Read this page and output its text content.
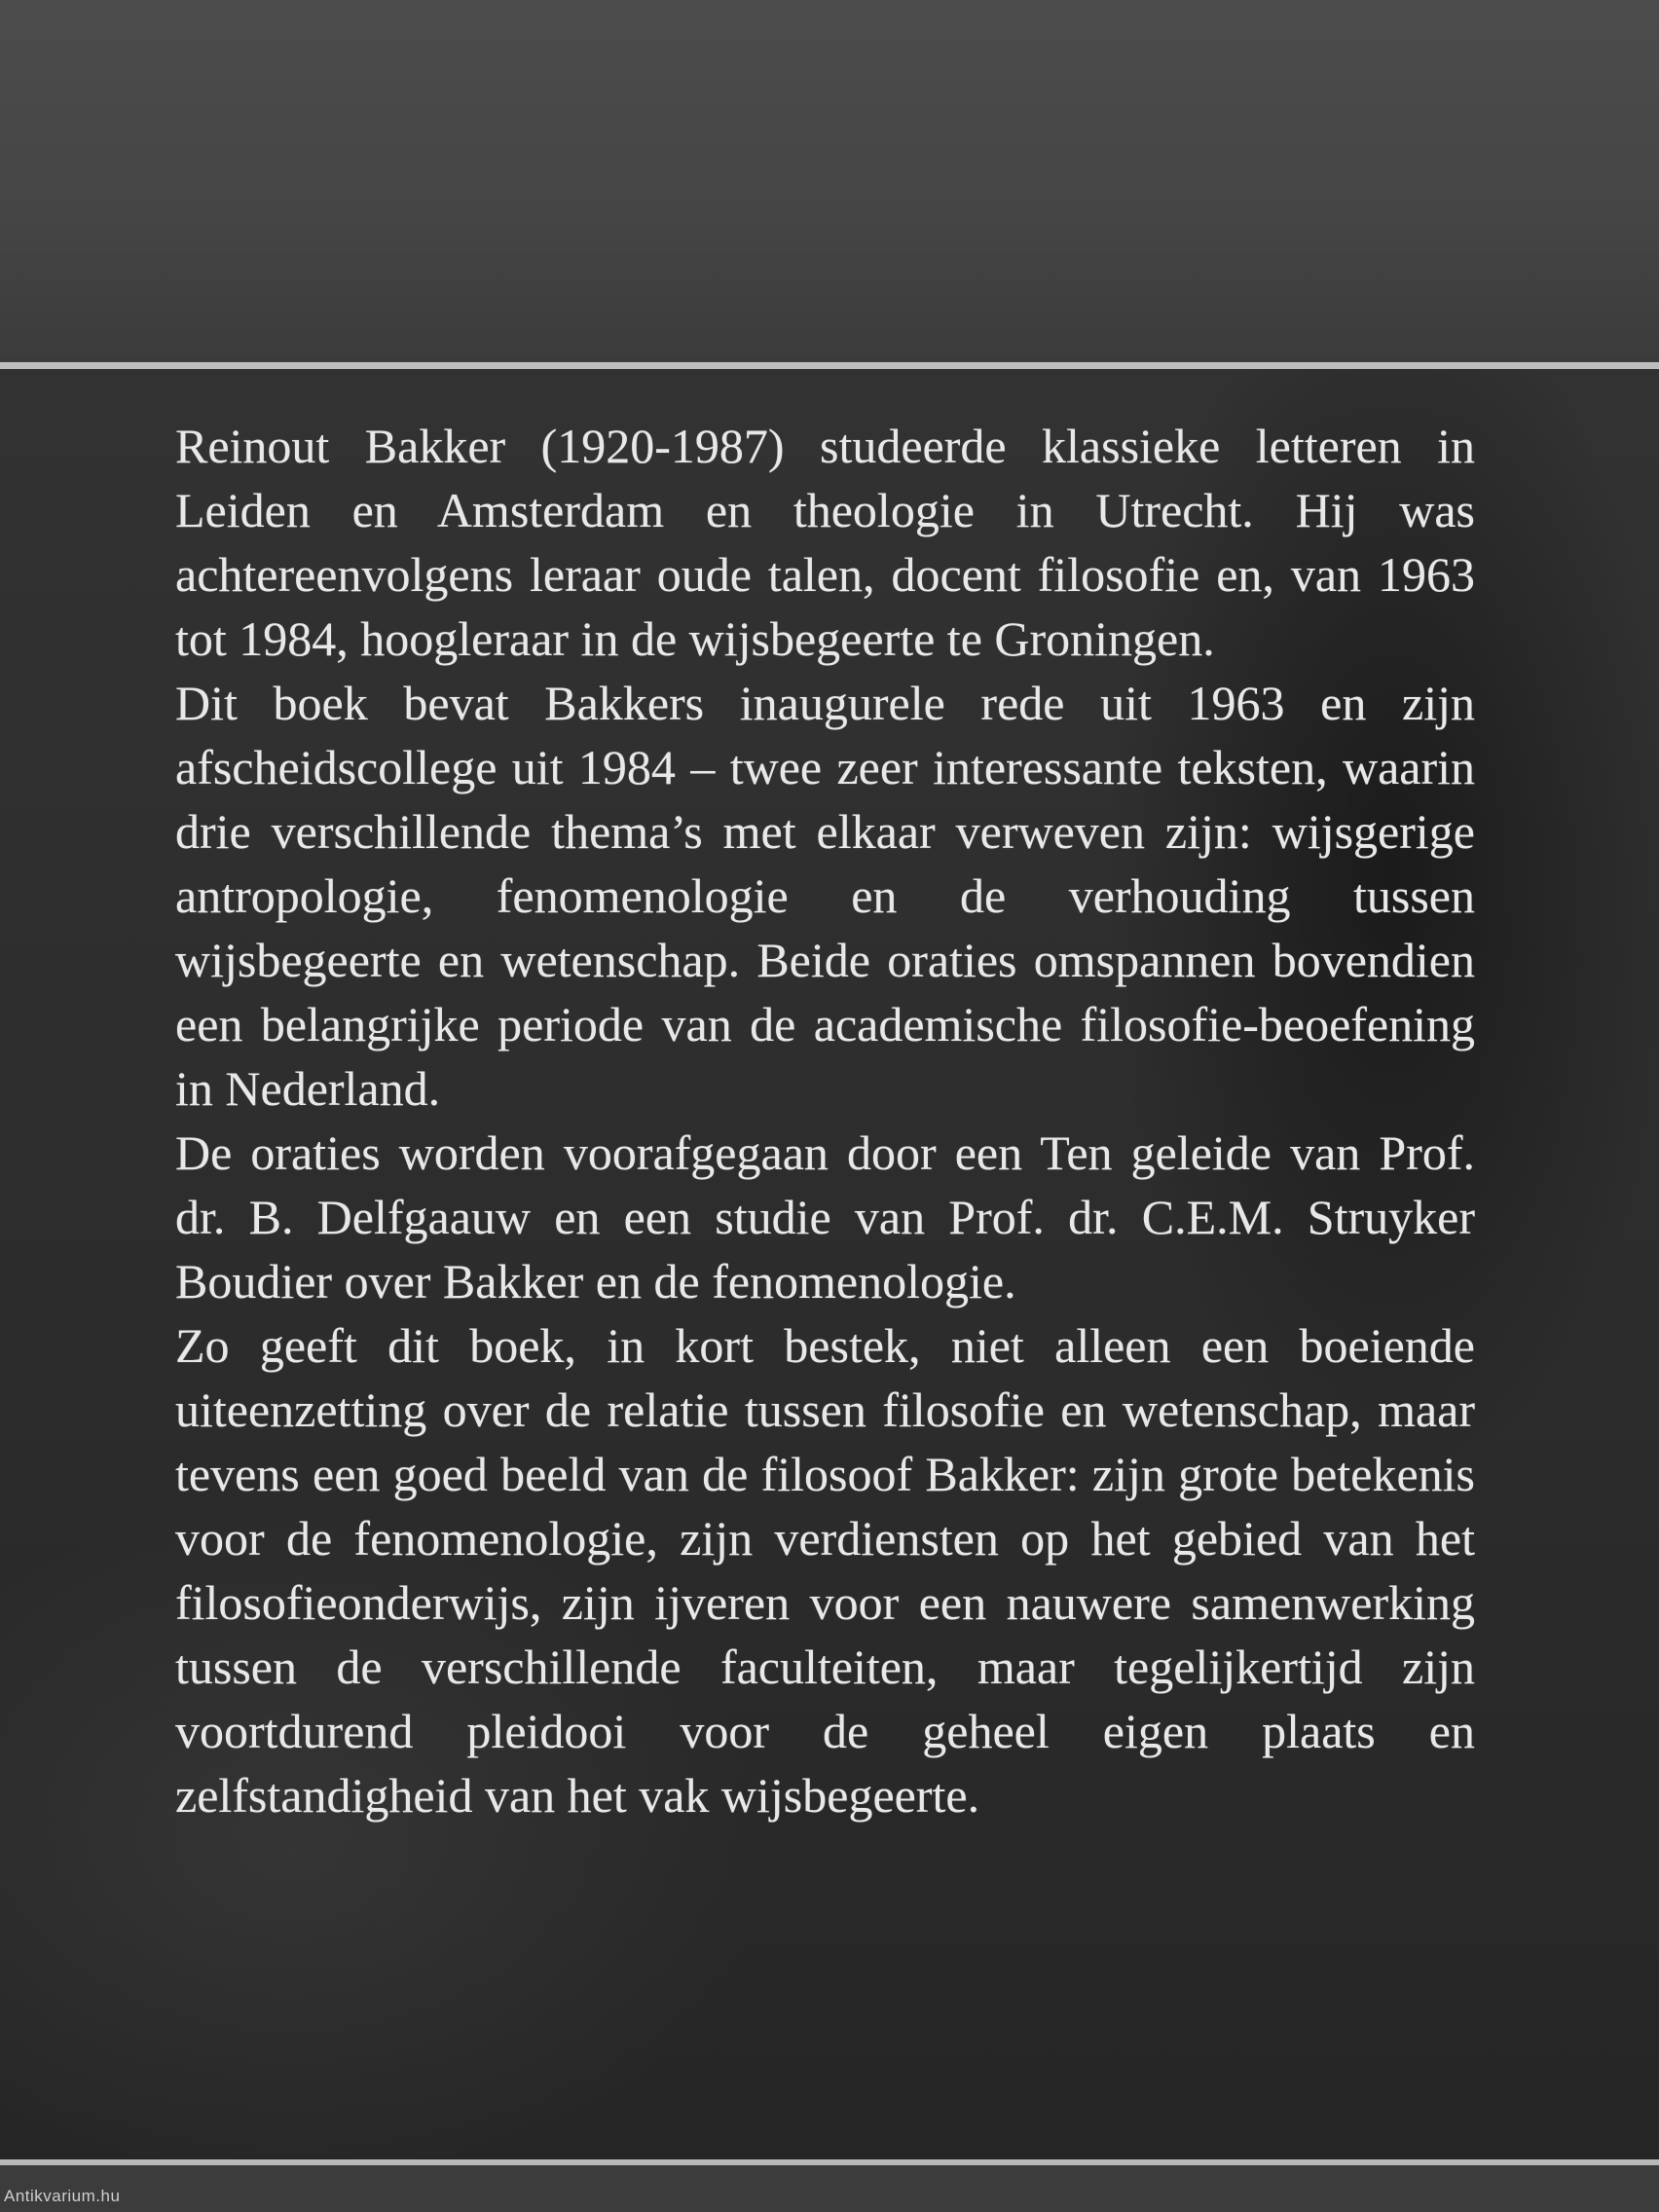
Reinout Bakker (1920-1987) studeerde klassieke letteren in Leiden en Amsterdam en theologie in Utrecht. Hij was achtereenvolgens leraar oude talen, docent filosofie en, van 1963 tot 1984, hoogleraar in de wijsbegeerte te Groningen.

Dit boek bevat Bakkers inaugurele rede uit 1963 en zijn afscheidscollege uit 1984 – twee zeer interessante teksten, waarin drie verschillende thema’s met elkaar verweven zijn: wijsgerige antropologie, fenomenologie en de verhouding tussen wijsbegeerte en wetenschap. Beide oraties omspannen bovendien een belangrijke periode van de academische filosofie-beoefening in Nederland.

De oraties worden voorafgegaan door een Ten geleide van Prof. dr. B. Delfgaauw en een studie van Prof. dr. C.E.M. Struyker Boudier over Bakker en de fenomenologie.

Zo geeft dit boek, in kort bestek, niet alleen een boeiende uiteenzetting over de relatie tussen filosofie en wetenschap, maar tevens een goed beeld van de filosoof Bakker: zijn grote betekenis voor de fenomenologie, zijn verdiensten op het gebied van het filosofieonderwijs, zijn ijveren voor een nauwere samenwerking tussen de verschillende faculteiten, maar tegelijkertijd zijn voortdurend pleidooi voor de geheel eigen plaats en zelfstandigheid van het vak wijsbegeerte.

Antikvarium.hu
